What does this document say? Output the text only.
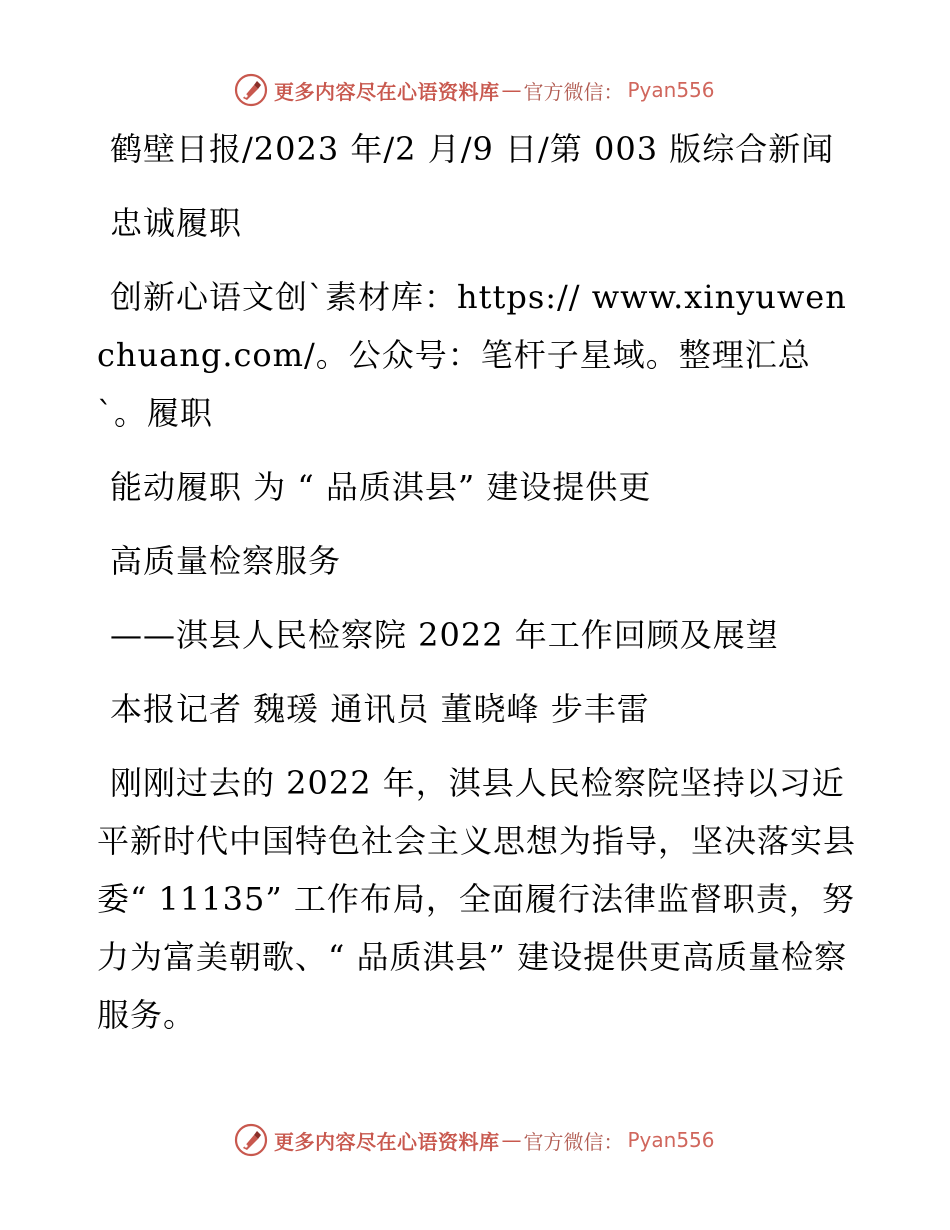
更多内容尽在心语资料库 — 官方微信： Pyan556

鹤壁日报/2023 年/2 月/9 日/第 003 版综合新闻

忠诚履职

创新心语文创`素材库：https:// www.xinyuwenchuang.com/。公众号：笔杆子星域。整理汇总`。履职

能动履职 为 “ 品质淇县” 建设提供更

高质量检察服务

——淇县人民检察院 2022 年工作回顾及展望

本报记者 魏瑗 通讯员 董晓峰 步丰雷

刚刚过去的 2022 年，淇县人民检察院坚持以习近平新时代中国特色社会主义思想为指导，坚决落实县委“ 11135” 工作布局，全面履行法律监督职责，努力为富美朝歌、“ 品质淇县” 建设提供更高质量检察服务。

更多内容尽在心语资料库 — 官方微信： Pyan556
